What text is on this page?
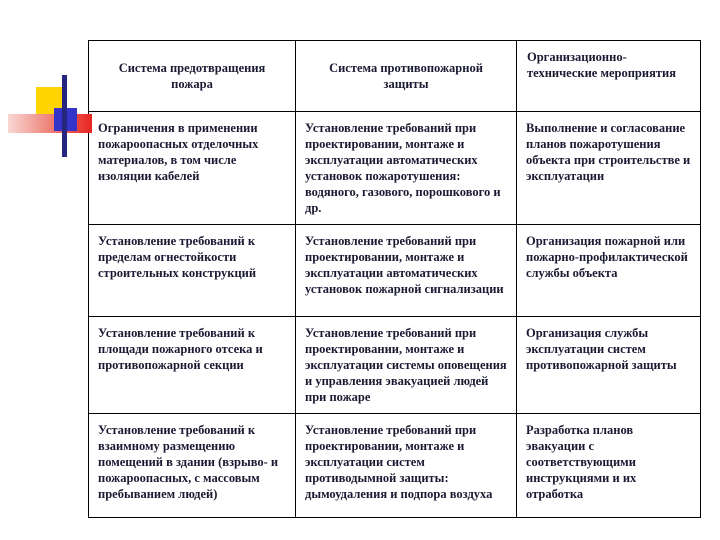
Система предотвращения пожара	Система противопожарной защиты	Организационно-технические мероприятия
Ограничения в применении пожароопасных отделочных материалов, в том числе изоляции кабелей	Установление требований при проектировании, монтаже и эксплуатации автоматических установок пожаротушения: водяного, газового, порошкового и др.	Выполнение и согласование планов пожаротушения объекта при строительстве и эксплуатации
Установление требований к пределам огнестойкости строительных конструкций	Установление требований при проектировании, монтаже и эксплуатации автоматических установок пожарной сигнализации	Организация пожарной или пожарно-профилактической службы объекта
Установление требований к площади пожарного отсека и противопожарной секции	Установление требований при проектировании, монтаже и эксплуатации системы оповещения и управления эвакуацией людей при пожаре	Организация службы эксплуатации систем противопожарной защиты
Установление требований к взаимному размещению помещений в здании (взрыво- и пожароопасных, с массовым пребыванием людей)	Установление требований при проектировании, монтаже и эксплуатации систем противодымной защиты: дымоудаления и подпора воздуха	Разработка планов эвакуации с соответствующими инструкциями и их отработка
